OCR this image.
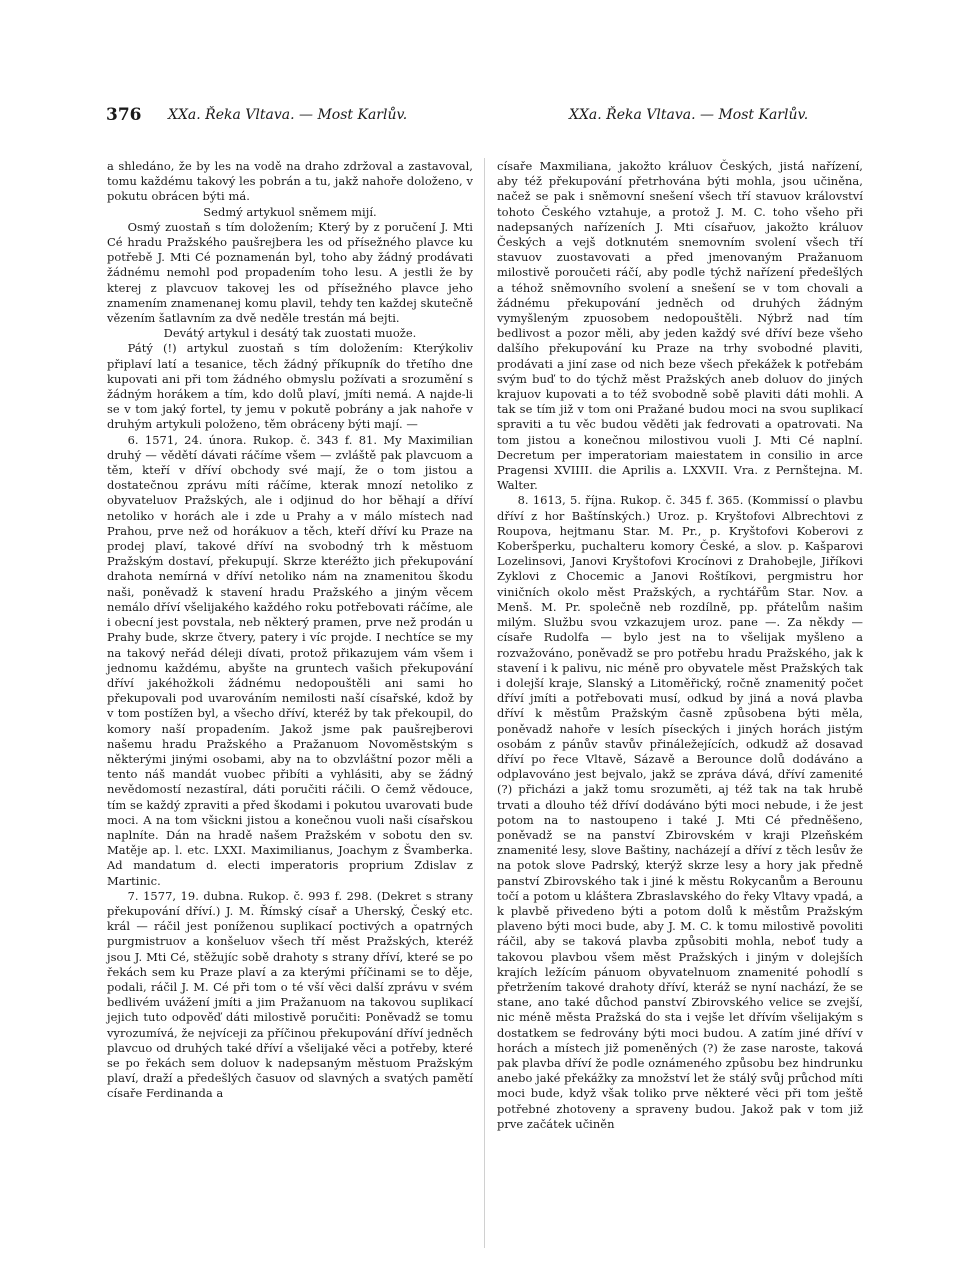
376 XXa. Řeka Vltava. — Most Karlův.	XXa. Řeka Vltava. — Most Karlův.

a shledáno, že by les na vodě na draho zdržoval a zastavoval, tomu každému takový les pobrán a tu, jakž nahoře doloženo, v pokutu obrácen býti má.

Sedmý artykuol sněmem mijí.

Osmý zuostaň s tím doložením; Který by z poručení J. Mti Cé hradu Pražského paušrejbera les od přísežného plavce ku potřebě J. Mti Cé poznamenán byl, toho aby žádný prodávati žádnému nemohl pod propadením toho lesu. A jestli že by kterej z plavcuov takovej les od přísežného plavce jeho znamením znamenanej komu plavil, tehdy ten každej skutečně vězením šatlavním za dvě neděle trestán má bejti.

Devátý artykul i desátý tak zuostati muože.

Pátý (!) artykul zuostaň s tím doložením: Kterýkoliv připlaví latí a tesanice, těch žádný příkupník do třetího dne kupovati ani při tom žádného obmyslu požívati a srozumění s žádným horákem a tím, kdo dolů plaví, jmíti nemá. A najde-li se v tom jaký fortel, ty jemu v pokutě pobrány a jak nahoře v druhým artykuli položeno, těm obráceny býti mají. —

6. 1571, 24. února. Rukop. č. 343 f. 81. My Maximilian druhý — vědětí dávati ráčíme všem — zvláště pak plavcuom a těm, kteří v dříví obchody své mají, že o tom jistou a dostatečnou zprávu míti ráčíme, kterak mnozí netoliko z obyvateluov Pražských, ale i odjinud do hor běhají a dříví netoliko v horách ale i zde u Prahy a v málo místech nad Prahou, prve než od horákuov a těch, kteří dříví ku Praze na prodej plaví, takové dříví na svobodný trh k městuom Pražským dostaví, překupují. Skrze kteréžto jich překupování drahota nemírná v dříví netoliko nám na znamenitou škodu naši, poněvadž k stavení hradu Pražského a jiným věcem nemálo dříví všelijakého každého roku potřebovati ráčíme, ale i obecní jest povstala, neb některý pramen, prve než prodán u Prahy bude, skrze čtvery, patery i víc projde. I nechtíce se my na takový neřád déleji dívati, protož přikazujem vám všem i jednomu každému, abyšte na gruntech vašich překupování dříví jakéhožkoli žádnému nedopouštěli ani sami ho překupovali pod uvarováním nemilosti naší císařské, kdož by v tom postížen byl, a všecho dříví, kteréž by tak překoupil, do komory naší propadením. Jakož jsme pak paušrejberovi našemu hradu Pražského a Pražanuom Novoměstským s některými jinými osobami, aby na to obzvláštní pozor měli a tento náš mandát vuobec přibíti a vyhlásiti, aby se žádný nevědomostí nezastíral, dáti poručiti ráčili. O čemž vědouce, tím se každý zpraviti a před škodami i pokutou uvarovati bude moci. A na tom všickni jistou a konečnou vuoli naši císařskou naplníte. Dán na hradě našem Pražském v sobotu den sv. Matěje ap. l. etc. LXXI. Maximilianus, Joachym z Švamberka. Ad mandatum d. electi imperatoris proprium Zdislav z Martinic.

7. 1577, 19. dubna. Rukop. č. 993 f. 298. (Dekret s strany překupování dříví.) J. M. Římský císař a Uherský, Český etc. král — ráčil jest poníženou suplikací poctivých a opatrných purgmistruov a konšeluov všech tří měst Pražských, kteréž jsou J. Mti Cé, stěžujíc sobě drahoty s strany dříví, které se po řekách sem ku Praze plaví a za kterými příčinami se to děje, podali, ráčil J. M. Cé při tom o té vší věci další zprávu v svém bedlivém uvážení jmíti a jim Pražanuom na takovou suplikací jejich tuto odpověď dáti milostivě poručiti: Poněvadž se tomu vyrozumívá, že nejvíceji za příčinou překupování dříví jedněch plavcuo od druhých také dříví a všelijaké věci a potřeby, které se po řekách sem doluov k nadepsaným městuom Pražským plaví, draží a předešlých časuov od slavných a svatých pamětí císaře Ferdinanda a

císaře Maxmiliana, jakožto králuov Českých, jistá nařízení, aby též překupování přetrhována býti mohla, jsou učiněna, načež se pak i sněmovní snešení všech tří stavuov království tohoto Českého vztahuje, a protož J. M. C. toho všeho při nadepsaných nařízeních J. Mti císařuov, jakožto králuov Českých a vejš dotknutém snemovním svolení všech tří stavuov zuostavovati a před jmenovaným Pražanuom milostivě poroučeti ráčí, aby podle týchž nařízení předešlých a téhož sněmovního svolení a snešení se v tom chovali a žádnému překupování jedněch od druhých žádným vymyšleným zpuosobem nedopouštěli. Nýbrž nad tím bedlivost a pozor měli, aby jeden každý své dříví beze všeho dalšího překupování ku Praze na trhy svobodné plaviti, prodávati a jiní zase od nich beze všech překážek k potřebám svým buď to do týchž měst Pražských aneb doluov do jiných krajuov kupovati a to též svobodně sobě plaviti dáti mohli. A tak se tím již v tom oni Pražané budou moci na svou suplikací spraviti a tu věc budou věděti jak fedrovati a opatrovati. Na tom jistou a konečnou milostivou vuoli J. Mti Cé naplní. Decretum per imperatoriam maiestatem in consilio in arce Pragensi XVIIII. die Aprilis a. LXXVII. Vra. z Pernštejna. M. Walter.

8. 1613, 5. října. Rukop. č. 345 f. 365. (Kommissí o plavbu dříví z hor Baštínských.) Uroz. p. Kryštofovi Albrechtovi z Roupova, hejtmanu Star. M. Pr., p. Kryštofovi Koberovi z Koberšperku, puchalteru komory České, a slov. p. Kašparovi Lozelinsovi, Janovi Kryštofovi Krocínovi z Drahobejle, Jiříkovi Zyklovi z Chocemic a Janovi Roštíkovi, pergmistru hor viničních okolo měst Pražských, a rychtářům Star. Nov. a Menš. M. Pr. společně neb rozdílně, pp. přátelům našim milým. Službu svou vzkazujem uroz. pane —. Za někdy — císaře Rudolfa — bylo jest na to všelijak myšleno a rozvažováno, poněvadž se pro potřebu hradu Pražského, jak k stavení i k palivu, nic méně pro obyvatele měst Pražských tak i dolejší kraje, Slanský a Litoměřický, ročně znamenitý počet dříví jmíti a potřebovati musí, odkud by jiná a nová plavba dříví k městům Pražským časně způsobena býti měla, poněvadž nahoře v lesích píseckých i jiných horách jistým osobám z pánův stavův přináležejících, odkudž až dosavad dříví po řece Vltavě, Sázavě a Berounce dolů dodáváno a odplavováno jest bejvalo, jakž se zpráva dává, dříví zamenité (?) přicházi a jakž tomu srozuměti, aj též tak na tak hrubě trvati a dlouho též dříví dodáváno býti moci nebude, i že jest potom na to nastoupeno i také J. Mti Cé předněšeno, poněvadž se na panství Zbirovském v kraji Plzeňském znamenité lesy, slove Baštiny, nacházejí a dříví z těch lesův že na potok slove Padrský, kterýž skrze lesy a hory jak předně panství Zbirovského tak i jiné k městu Rokycanům a Berounu točí a potom u kláštera Zbraslavského do řeky Vltavy vpadá, a k plavbě přivedeno býti a potom dolů k městům Pražským plaveno býti moci bude, aby J. M. C. k tomu milostivě povoliti ráčil, aby se taková plavba způsobiti mohla, neboť tudy a takovou plavbou všem měst Pražských i jiným v dolejších krajích ležícím pánuom obyvatelnuom znamenité pohodlí s přetržením takové drahoty dříví, kteráž se nyní nachází, že se stane, ano také důchod panství Zbirovského velice se zvejší, nic méně města Pražská do sta i vejše let dřívím všelijakým s dostatkem se fedrovány býti moci budou. A zatím jiné dříví v horách a místech již pomeněných (?) že zase naroste, taková pak plavba dříví že podle oznámeného způsobu bez hindrunku anebo jaké překážky za množství let že stálý svůj průchod míti moci bude, když však toliko prve některé věci při tom ještě potřebné zhotoveny a spraveny budou. Jakož pak v tom již prve začátek učiněn
